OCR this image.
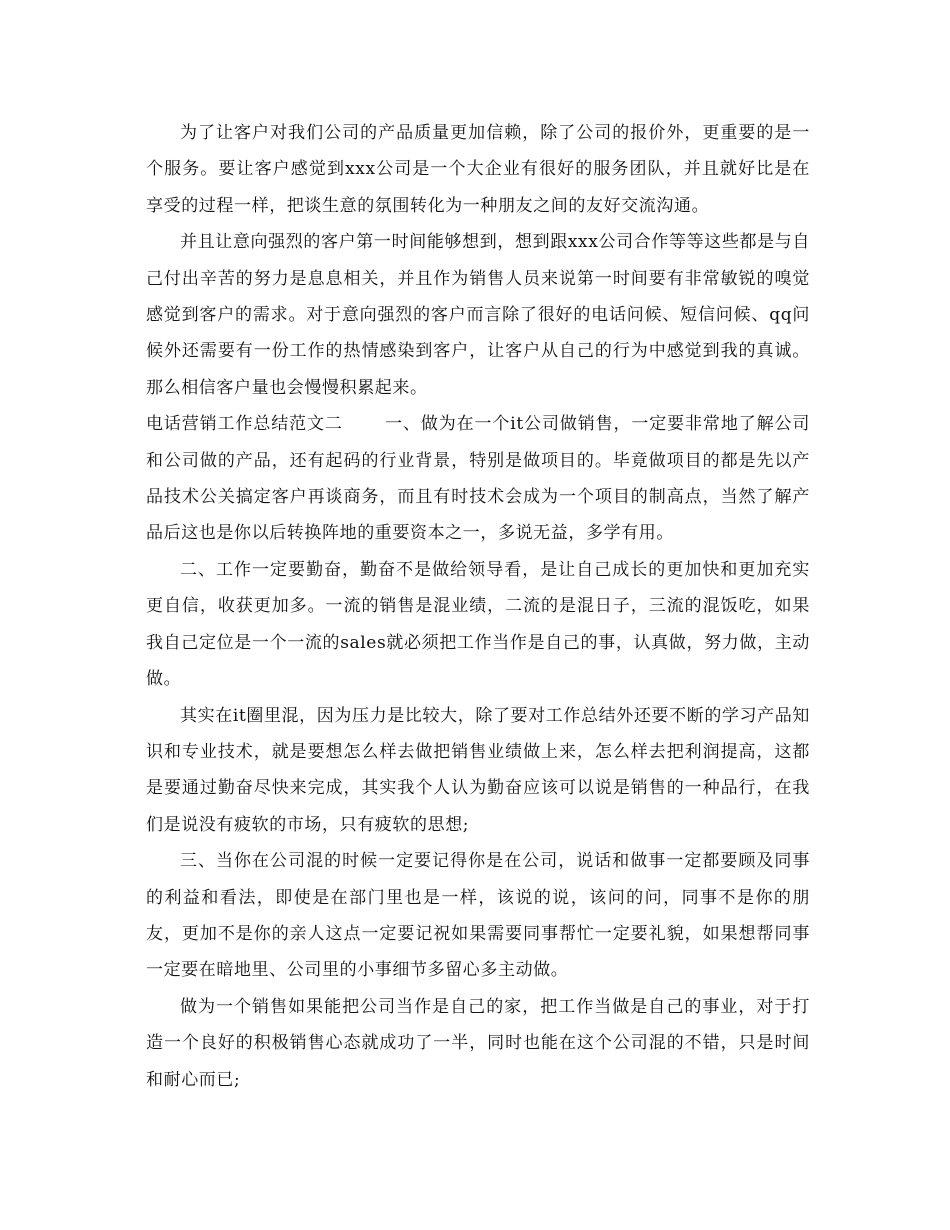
为了让客户对我们公司的产品质量更加信赖，除了公司的报价外，更重要的是一个服务。要让客户感觉到xxx公司是一个大企业有很好的服务团队，并且就好比是在享受的过程一样，把谈生意的氛围转化为一种朋友之间的友好交流沟通。

并且让意向强烈的客户第一时间能够想到，想到跟xxx公司合作等等这些都是与自己付出辛苦的努力是息息相关，并且作为销售人员来说第一时间要有非常敏锐的嗅觉感觉到客户的需求。对于意向强烈的客户而言除了很好的电话问候、短信问候、qq问候外还需要有一份工作的热情感染到客户，让客户从自己的行为中感觉到我的真诚。那么相信客户量也会慢慢积累起来。

电话营销工作总结范文二 一、做为在一个it公司做销售，一定要非常地了解公司和公司做的产品，还有起码的行业背景，特别是做项目的。毕竟做项目的都是先以产品技术公关搞定客户再谈商务，而且有时技术会成为一个项目的制高点，当然了解产品后这也是你以后转换阵地的重要资本之一，多说无益，多学有用。

二、工作一定要勤奋，勤奋不是做给领导看，是让自己成长的更加快和更加充实更自信，收获更加多。一流的销售是混业绩，二流的是混日子，三流的混饭吃，如果我自己定位是一个一流的sales就必须把工作当作是自己的事，认真做，努力做，主动做。

其实在it圈里混，因为压力是比较大，除了要对工作总结外还要不断的学习产品知识和专业技术，就是要想怎么样去做把销售业绩做上来，怎么样去把利润提高，这都是要通过勤奋尽快来完成，其实我个人认为勤奋应该可以说是销售的一种品行，在我们是说没有疲软的市场，只有疲软的思想;

三、当你在公司混的时候一定要记得你是在公司，说话和做事一定都要顾及同事的利益和看法，即使是在部门里也是一样，该说的说，该问的问，同事不是你的朋友，更加不是你的亲人这点一定要记祝如果需要同事帮忙一定要礼貌，如果想帮同事一定要在暗地里、公司里的小事细节多留心多主动做。

做为一个销售如果能把公司当作是自己的家，把工作当做是自己的事业，对于打造一个良好的积极销售心态就成功了一半，同时也能在这个公司混的不错，只是时间和耐心而已;
